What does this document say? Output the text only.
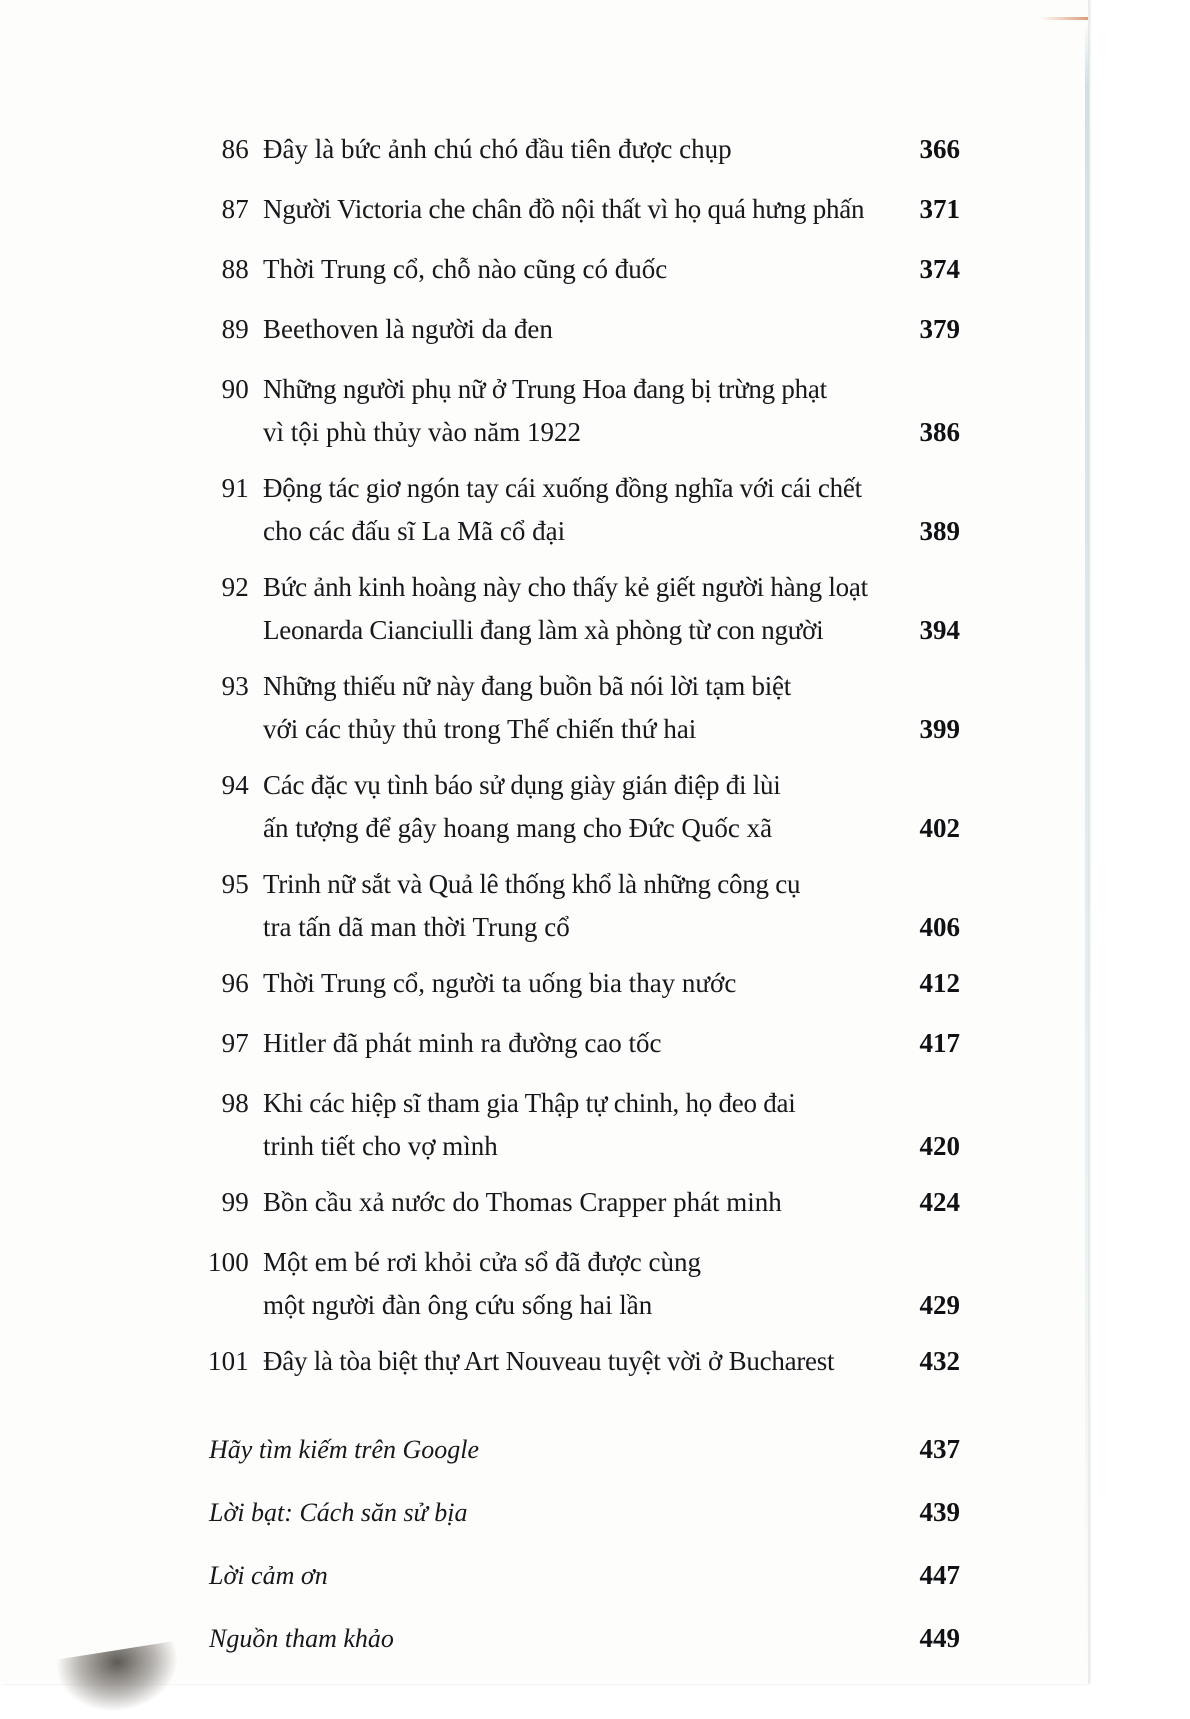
86 Đây là bức ảnh chú chó đầu tiên được chụp	366
87 Người Victoria che chân đồ nội thất vì họ quá hưng phấn 371
88 Thời Trung cổ, chỗ nào cũng có đuốc	374
89 Beethoven là người da đen	379
90 Những người phụ nữ ở Trung Hoa đang bị trừng phạt
vì tội phù thủy vào năm 1922	386
91 Động tác giơ ngón tay cái xuống đồng nghĩa với cái chết
cho các đấu sĩ La Mã cổ đại	389
92 Bức ảnh kinh hoàng này cho thấy kẻ giết người hàng loạt
Leonarda Cianciulli đang làm xà phòng từ con người	394
93 Những thiếu nữ này đang buồn bã nói lời tạm biệt
với các thủy thủ trong Thế chiến thứ hai	399
94 Các đặc vụ tình báo sử dụng giày gián điệp đi lùi
ấn tượng để gây hoang mang cho Đức Quốc xã	402
95 Trinh nữ sắt và Quả lê thống khổ là những công cụ
tra tấn dã man thời Trung cổ	406
96 Thời Trung cổ, người ta uống bia thay nước	412
97 Hitler đã phát minh ra đường cao tốc	417
98 Khi các hiệp sĩ tham gia Thập tự chinh, họ đeo đai
trinh tiết cho vợ mình	420
99 Bồn cầu xả nước do Thomas Crapper phát minh	424
100 Một em bé rơi khỏi cửa sổ đã được cùng
một người đàn ông cứu sống hai lần	429
101 Đây là tòa biệt thự Art Nouveau tuyệt vời ở Bucharest	432
Hãy tìm kiếm trên Google	437
Lời bạt: Cách săn sử bịa	439
Lời cảm ơn	447
Nguồn tham khảo	449
